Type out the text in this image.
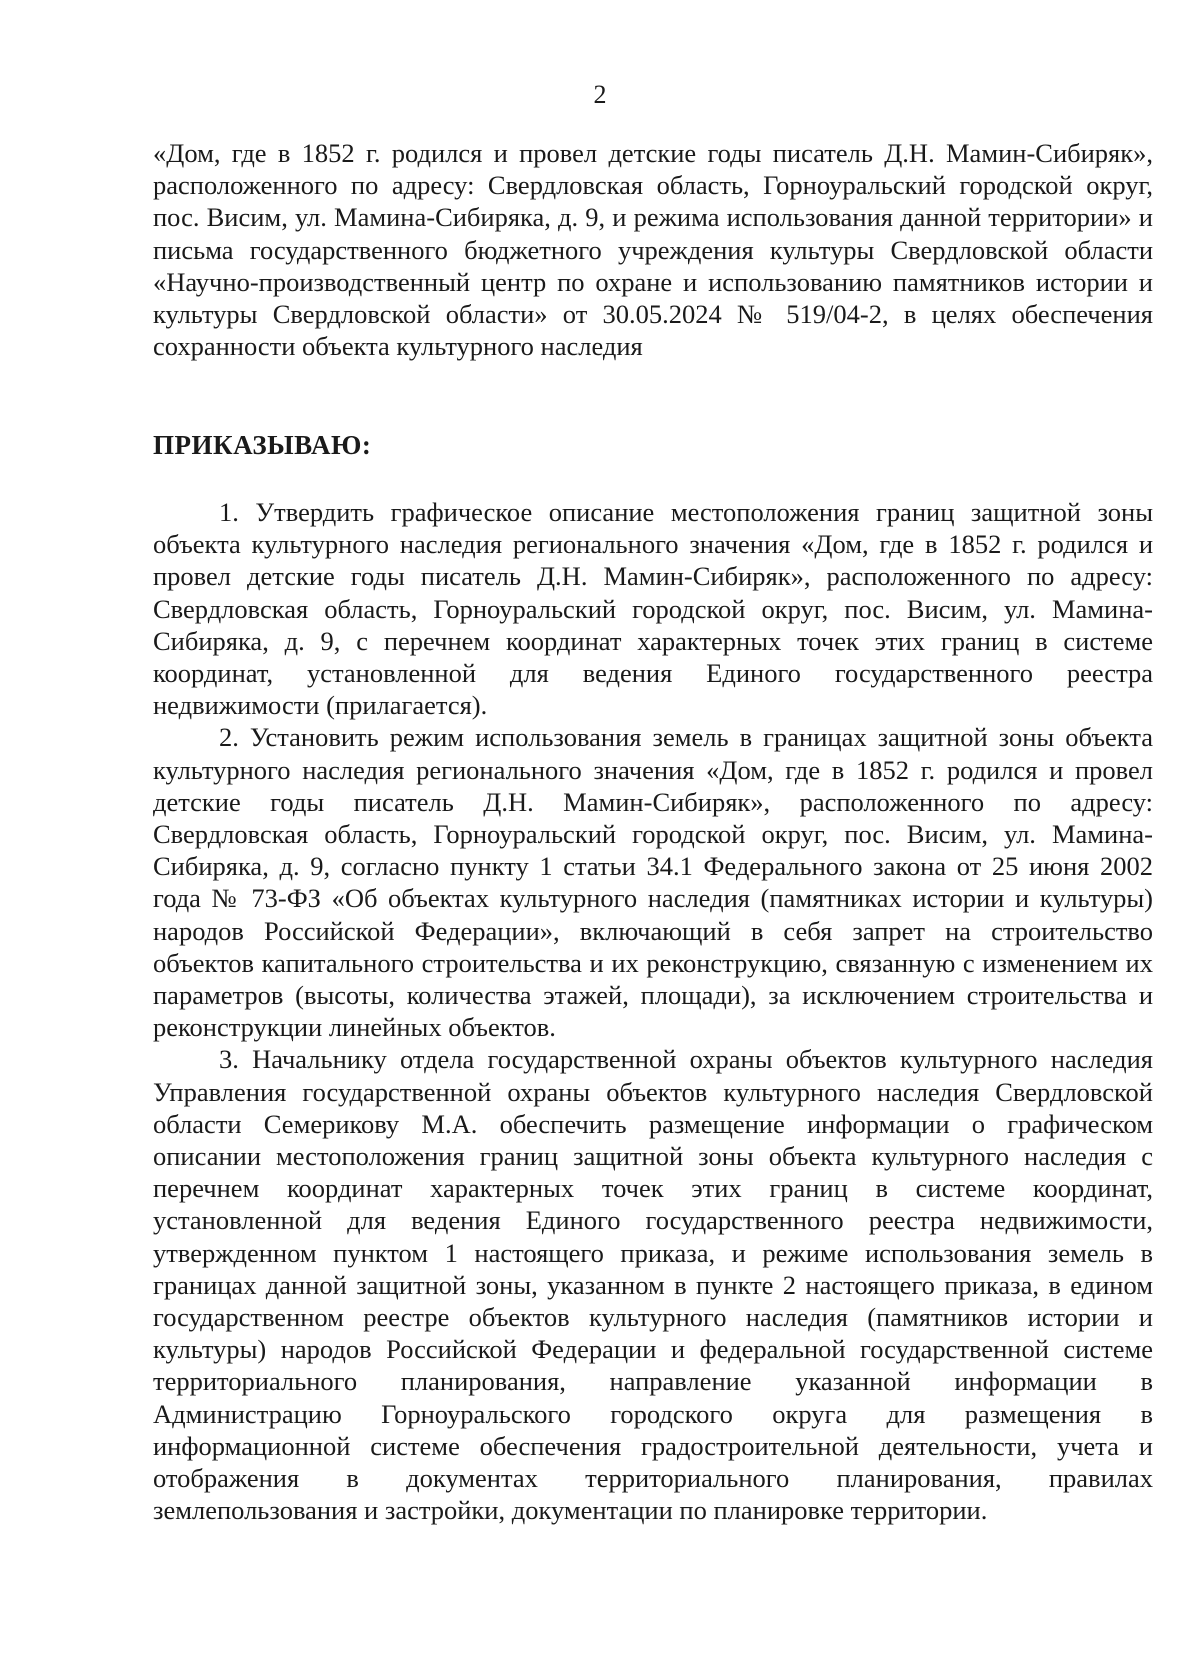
2

«Дом, где в 1852 г. родился и провел детские годы писатель Д.Н. Мамин-Сибиряк», расположенного по адресу: Свердловская область, Горноуральский городской округ, пос. Висим, ул. Мамина-Сибиряка, д. 9, и режима использования данной территории» и письма государственного бюджетного учреждения культуры Свердловской области «Научно-производственный центр по охране и использованию памятников истории и культуры Свердловской области» от 30.05.2024 № 519/04-2, в целях обеспечения сохранности объекта культурного наследия

ПРИКАЗЫВАЮ:

1. Утвердить графическое описание местоположения границ защитной зоны объекта культурного наследия регионального значения «Дом, где в 1852 г. родился и провел детские годы писатель Д.Н. Мамин-Сибиряк», расположенного по адресу: Свердловская область, Горноуральский городской округ, пос. Висим, ул. Мамина-Сибиряка, д. 9, с перечнем координат характерных точек этих границ в системе координат, установленной для ведения Единого государственного реестра недвижимости (прилагается).

2. Установить режим использования земель в границах защитной зоны объекта культурного наследия регионального значения «Дом, где в 1852 г. родился и провел детские годы писатель Д.Н. Мамин-Сибиряк», расположенного по адресу: Свердловская область, Горноуральский городской округ, пос. Висим, ул. Мамина-Сибиряка, д. 9, согласно пункту 1 статьи 34.1 Федерального закона от 25 июня 2002 года № 73-ФЗ «Об объектах культурного наследия (памятниках истории и культуры) народов Российской Федерации», включающий в себя запрет на строительство объектов капитального строительства и их реконструкцию, связанную с изменением их параметров (высоты, количества этажей, площади), за исключением строительства и реконструкции линейных объектов.

3. Начальнику отдела государственной охраны объектов культурного наследия Управления государственной охраны объектов культурного наследия Свердловской области Семерикову М.А. обеспечить размещение информации о графическом описании местоположения границ защитной зоны объекта культурного наследия с перечнем координат характерных точек этих границ в системе координат, установленной для ведения Единого государственного реестра недвижимости, утвержденном пунктом 1 настоящего приказа, и режиме использования земель в границах данной защитной зоны, указанном в пункте 2 настоящего приказа, в едином государственном реестре объектов культурного наследия (памятников истории и культуры) народов Российской Федерации и федеральной государственной системе территориального планирования, направление указанной информации в Администрацию Горноуральского городского округа для размещения в информационной системе обеспечения градостроительной деятельности, учета и отображения в документах территориального планирования, правилах землепользования и застройки, документации по планировке территории.
